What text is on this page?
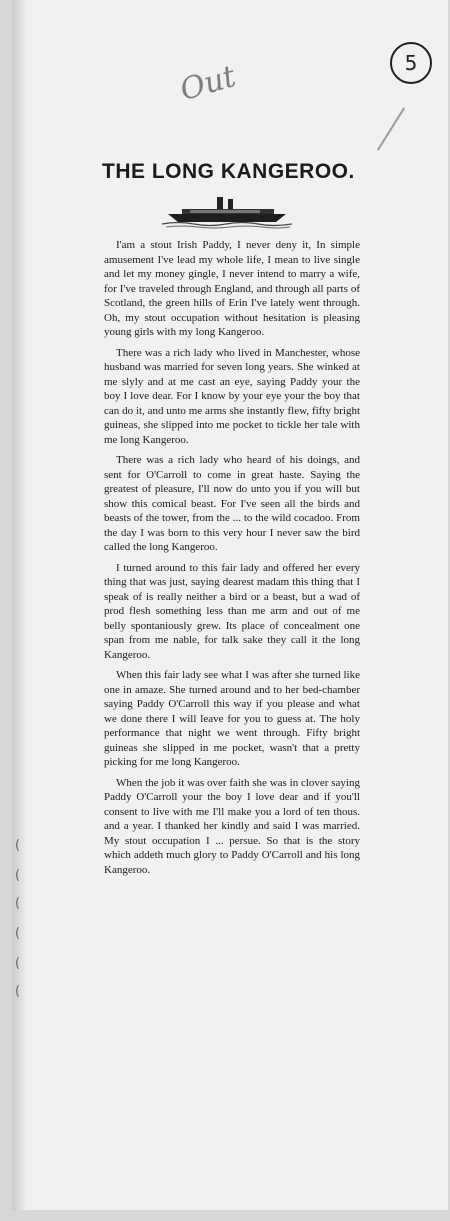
5
Out
THE LONG KANGEROO.

I'am a stout Irish Paddy, I never deny it, In simple amusement I've lead my whole life, I mean to live single and let my money gingle, I never intend to marry a wife, for I've traveled through England, and through all parts of Scotland, the green hills of Erin I've lately went through. Oh, my stout occupation without hesitation is pleasing young girls with my long Kangeroo.

There was a rich lady who lived in Manchester, whose husband was married for seven long years. She winked at me slyly and at me cast an eye, saying Paddy your the boy I love dear. For I know by your eye your the boy that can do it, and unto me arms she instantly flew, fifty bright guineas, she slipped into me pocket to tickle her tale with me long Kangeroo.

There was a rich lady who heard of his doings, and sent for O'Carroll to come in great haste. Saying the greatest of pleasure, I'll now do unto you if you will but show this comical beast. For I've seen all the birds and beasts of the tower, from the ... to the wild cocadoo. From the day I was born to this very hour I never saw the bird called the long Kangeroo.

I turned around to this fair lady and offered her every thing that was just, saying dearest madam this thing that I speak of is really neither a bird or a beast, but a wad of prod flesh something less than me arm and out of me belly spontaniously grew. Its place of concealment one span from me nable, for talk sake they call it the long Kangeroo.

When this fair lady see what I was after she turned like one in amaze. She turned around and to her bed-chamber saying Paddy O'Carroll this way if you please and what we done there I will leave for you to guess at. The holy performance that night we went through. Fifty bright guineas she slipped in me pocket, wasn't that a pretty picking for me long Kangeroo.

When the job it was over faith she was in clover saying Paddy O'Carroll your the boy I love dear and if you'll consent to live with me I'll make you a lord of ten thous. and a year. I thanked her kindly and said I was married. My stout occupation I ... persue. So that is the story which addeth much glory to Paddy O'Carroll and his long Kangeroo.

(
(
(
(
(
(
